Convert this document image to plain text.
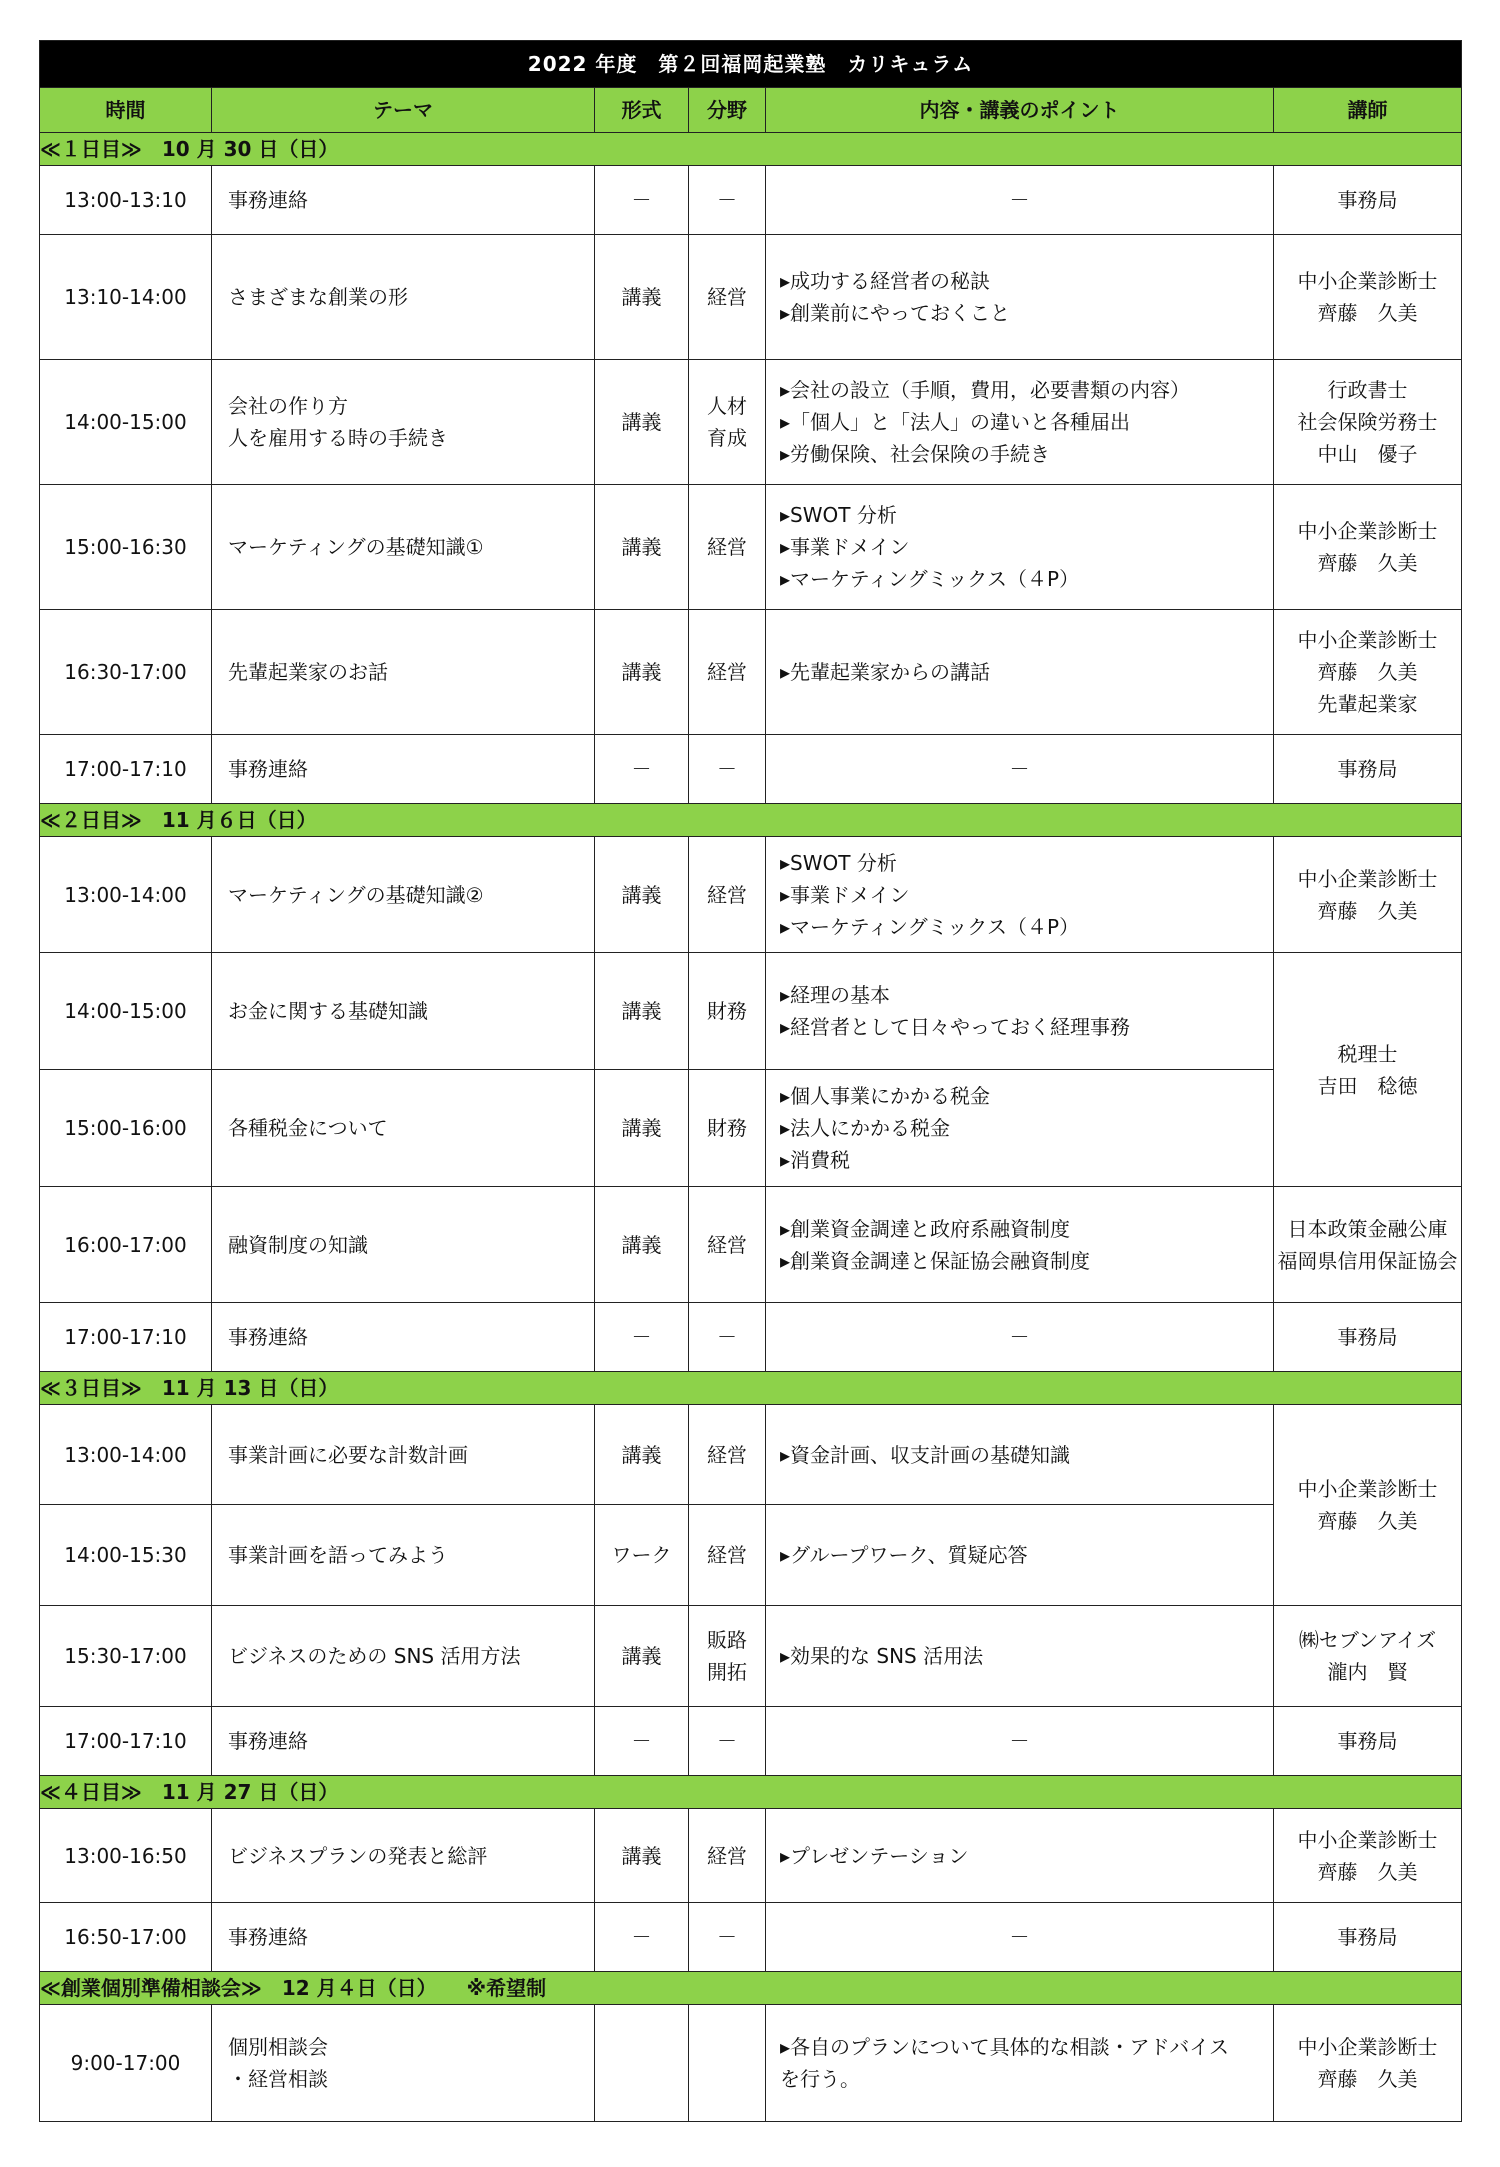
2022 年度　第２回福岡起業塾　カリキュラム					
時間	テーマ	形式	分野	内容・講義のポイント	講師
≪１日目≫　10 月 30 日（日）					
13:00-13:10	事務連絡	－	－	－	事務局

13:10-14:00	さまざまな創業の形	講義	経営	▸成功する経営者の秘訣
▸創業前にやっておくこと	中小企業診断士
齊藤　久美

14:00-15:00	会社の作り方
人を雇用する時の手続き	講義	人材
育成	▸会社の設立（手順，費用，必要書類の内容）
▸「個人」と「法人」の違いと各種届出
▸労働保険、社会保険の手続き	行政書士
社会保険労務士
中山　優子

15:00-16:30	マーケティングの基礎知識①	講義	経営	▸SWOT 分析
▸事業ドメイン
▸マーケティングミックス（４P）	中小企業診断士
齊藤　久美

16:30-17:00	先輩起業家のお話	講義	経営	▸先輩起業家からの講話	中小企業診断士
齊藤　久美
先輩起業家

17:00-17:10	事務連絡	－	－	－	事務局

≪２日目≫　11 月６日（日）					
13:00-14:00	マーケティングの基礎知識②	講義	経営	▸SWOT 分析
▸事業ドメイン
▸マーケティングミックス（４P）	中小企業診断士
齊藤　久美

14:00-15:00	お金に関する基礎知識	講義	財務	▸経理の基本
▸経営者として日々やっておく経理事務	税理士
吉田　稔徳

15:00-16:00	各種税金について	講義	財務	▸個人事業にかかる税金
▸法人にかかる税金
▸消費税	

16:00-17:00	融資制度の知識	講義	経営	▸創業資金調達と政府系融資制度
▸創業資金調達と保証協会融資制度	日本政策金融公庫
福岡県信用保証協会

17:00-17:10	事務連絡	－	－	－	事務局

≪３日目≫　11 月 13 日（日）					
13:00-14:00	事業計画に必要な計数計画	講義	経営	▸資金計画、収支計画の基礎知識	中小企業診断士
齊藤　久美

14:00-15:30	事業計画を語ってみよう	ワーク	経営	▸グループワーク、質疑応答	

15:30-17:00	ビジネスのための SNS 活用方法	講義	販路
開拓	▸効果的な SNS 活用法	㈱セブンアイズ
瀧内　賢

17:00-17:10	事務連絡	－	－	－	事務局

≪４日目≫　11 月 27 日（日）					
13:00-16:50	ビジネスプランの発表と総評	講義	経営	▸プレゼンテーション	中小企業診断士
齊藤　久美

16:50-17:00	事務連絡	－	－	－	事務局

≪創業個別準備相談会≫　12 月４日（日）　　※希望制					
9:00-17:00	個別相談会
・経営相談			▸各自のプランについて具体的な相談・アドバイス
を行う。	中小企業診断士
齊藤　久美
